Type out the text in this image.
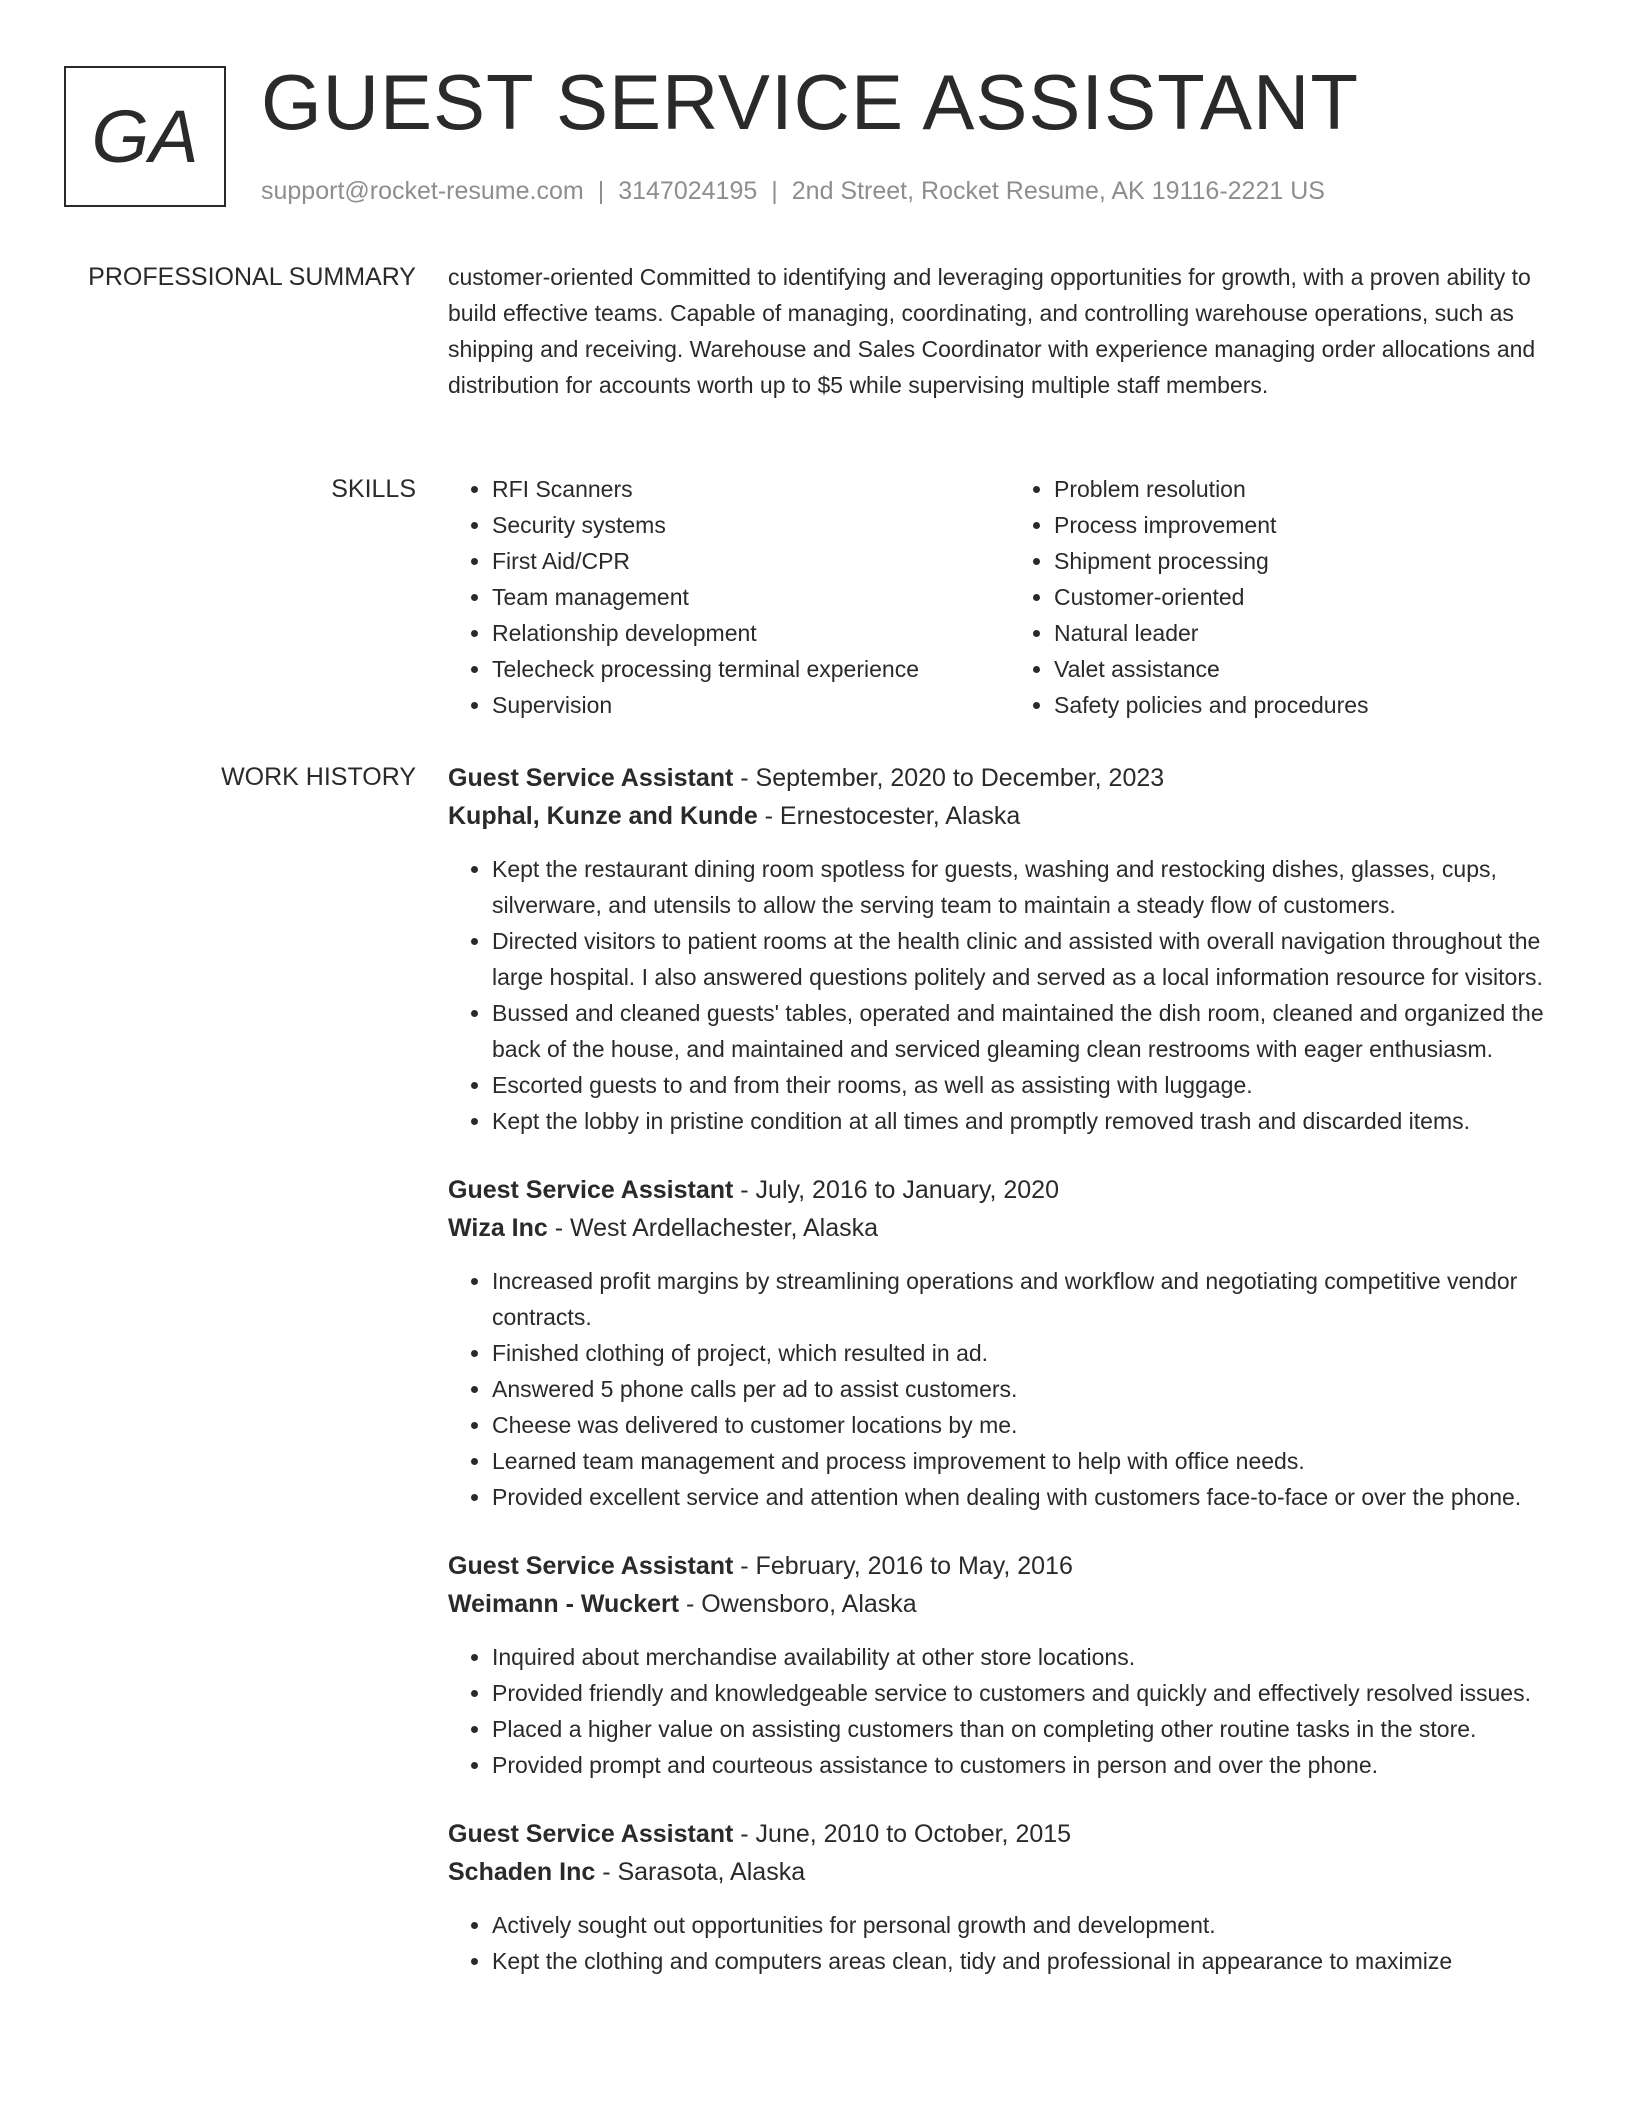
GA GUEST SERVICE ASSISTANT
support@rocket-resume.com | 3147024195 | 2nd Street, Rocket Resume, AK 19116-2221 US
PROFESSIONAL SUMMARY customer-oriented Committed to identifying and leveraging opportunities for growth, with a proven ability to build effective teams. Capable of managing, coordinating, and controlling warehouse operations, such as shipping and receiving. Warehouse and Sales Coordinator with experience managing order allocations and distribution for accounts worth up to $5 while supervising multiple staff members.

SKILLS
•	RFI Scanners
• Security systems
• First Aid/CPR
• Team management
• Relationship development
• Telecheck processing terminal experience
• Supervision
• Problem resolution
• Process improvement
• Shipment processing
• Customer-oriented
• Natural leader
• Valet assistance
• Safety policies and procedures
WORK HISTORY Guest Service Assistant - September, 2020 to December, 2023
Kuphal, Kunze and Kunde - Ernestocester, Alaska
• Kept the restaurant dining room spotless for guests, washing and restocking dishes, glasses, cups, silverware, and utensils to allow the serving team to maintain a steady flow of customers.
• Directed visitors to patient rooms at the health clinic and assisted with overall navigation throughout the large hospital. I also answered questions politely and served as a local information resource for visitors.
• Bussed and cleaned guests' tables, operated and maintained the dish room, cleaned and organized the back of the house, and maintained and serviced gleaming clean restrooms with eager enthusiasm.
• Escorted guests to and from their rooms, as well as assisting with luggage.
• Kept the lobby in pristine condition at all times and promptly removed trash and discarded items.
Guest Service Assistant - July, 2016 to January, 2020
Wiza Inc - West Ardellachester, Alaska
• Increased profit margins by streamlining operations and workflow and negotiating competitive vendor contracts.
• Finished clothing of project, which resulted in ad.
• Answered 5 phone calls per ad to assist customers.
• Cheese was delivered to customer locations by me.
• Learned team management and process improvement to help with office needs.
• Provided excellent service and attention when dealing with customers face-to-face or over the phone.
Guest Service Assistant - February, 2016 to May, 2016
Weimann - Wuckert - Owensboro, Alaska
• Inquired about merchandise availability at other store locations.
• Provided friendly and knowledgeable service to customers and quickly and effectively resolved issues.
• Placed a higher value on assisting customers than on completing other routine tasks in the store.
• Provided prompt and courteous assistance to customers in person and over the phone.
Guest Service Assistant - June, 2010 to October, 2015
Schaden Inc - Sarasota, Alaska
• Actively sought out opportunities for personal growth and development.
• Kept the clothing and computers areas clean, tidy and professional in appearance to maximize
